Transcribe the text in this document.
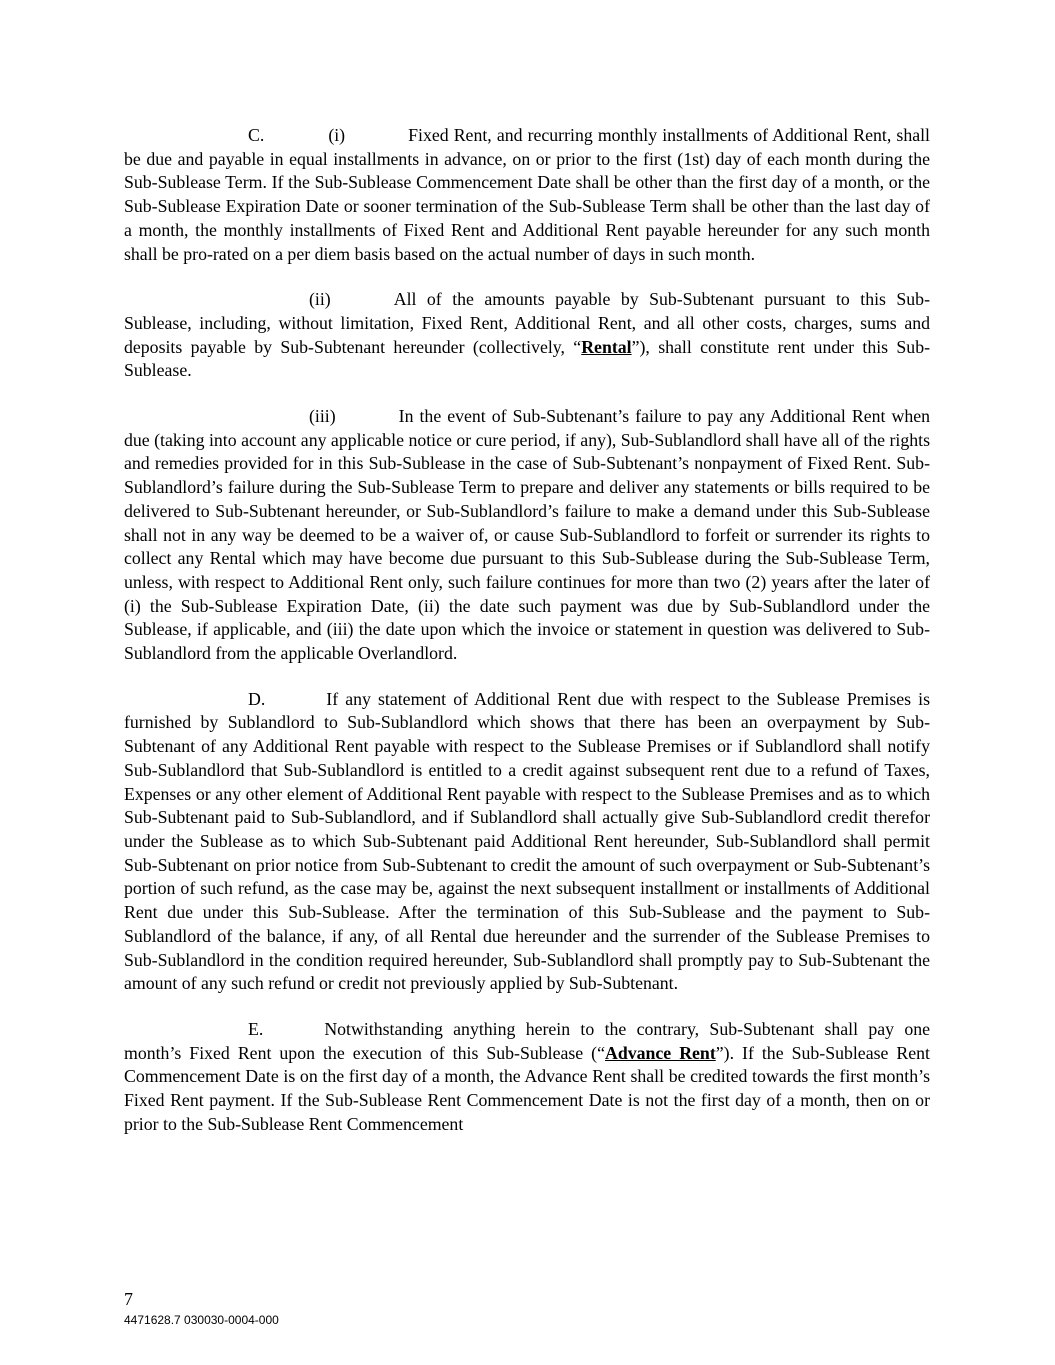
C.	(i)	Fixed Rent, and recurring monthly installments of Additional Rent, shall be due and payable in equal installments in advance, on or prior to the first (1st) day of each month during the Sub-Sublease Term. If the Sub-Sublease Commencement Date shall be other than the first day of a month, or the Sub-Sublease Expiration Date or sooner termination of the Sub-Sublease Term shall be other than the last day of a month, the monthly installments of Fixed Rent and Additional Rent payable hereunder for any such month shall be pro-rated on a per diem basis based on the actual number of days in such month.

(ii)	All of the amounts payable by Sub-Subtenant pursuant to this Sub-Sublease, including, without limitation, Fixed Rent, Additional Rent, and all other costs, charges, sums and deposits payable by Sub-Subtenant hereunder (collectively, “Rental”), shall constitute rent under this Sub-Sublease.

(iii)	In the event of Sub-Subtenant’s failure to pay any Additional Rent when due (taking into account any applicable notice or cure period, if any), Sub-Sublandlord shall have all of the rights and remedies provided for in this Sub-Sublease in the case of Sub-Subtenant’s nonpayment of Fixed Rent. Sub-Sublandlord’s failure during the Sub-Sublease Term to prepare and deliver any statements or bills required to be delivered to Sub-Subtenant hereunder, or Sub-Sublandlord’s failure to make a demand under this Sub-Sublease shall not in any way be deemed to be a waiver of, or cause Sub-Sublandlord to forfeit or surrender its rights to collect any Rental which may have become due pursuant to this Sub-Sublease during the Sub-Sublease Term, unless, with respect to Additional Rent only, such failure continues for more than two (2) years after the later of (i) the Sub-Sublease Expiration Date, (ii) the date such payment was due by Sub-Sublandlord under the Sublease, if applicable, and (iii) the date upon which the invoice or statement in question was delivered to Sub-Sublandlord from the applicable Overlandlord.

D.	If any statement of Additional Rent due with respect to the Sublease Premises is furnished by Sublandlord to Sub-Sublandlord which shows that there has been an overpayment by Sub-Subtenant of any Additional Rent payable with respect to the Sublease Premises or if Sublandlord shall notify Sub-Sublandlord that Sub-Sublandlord is entitled to a credit against subsequent rent due to a refund of Taxes, Expenses or any other element of Additional Rent payable with respect to the Sublease Premises and as to which Sub-Subtenant paid to Sub-Sublandlord, and if Sublandlord shall actually give Sub-Sublandlord credit therefor under the Sublease as to which Sub-Subtenant paid Additional Rent hereunder, Sub-Sublandlord shall permit Sub-Subtenant on prior notice from Sub-Subtenant to credit the amount of such overpayment or Sub-Subtenant’s portion of such refund, as the case may be, against the next subsequent installment or installments of Additional Rent due under this Sub-Sublease. After the termination of this Sub-Sublease and the payment to Sub-Sublandlord of the balance, if any, of all Rental due hereunder and the surrender of the Sublease Premises to Sub-Sublandlord in the condition required hereunder, Sub-Sublandlord shall promptly pay to Sub-Subtenant the amount of any such refund or credit not previously applied by Sub-Subtenant.

E.	Notwithstanding anything herein to the contrary, Sub-Subtenant shall pay one month’s Fixed Rent upon the execution of this Sub-Sublease (“Advance Rent”). If the Sub-Sublease Rent Commencement Date is on the first day of a month, the Advance Rent shall be credited towards the first month’s Fixed Rent payment. If the Sub-Sublease Rent Commencement Date is not the first day of a month, then on or prior to the Sub-Sublease Rent Commencement

7
4471628.7 030030-0004-000
